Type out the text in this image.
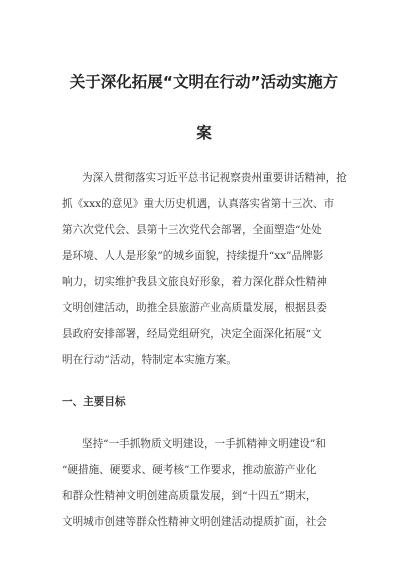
关于深化拓展“文明在行动”活动实施方
案

为深入贯彻落实习近平总书记视察贵州重要讲话精神，抢

抓《xxx的意见》重大历史机遇，认真落实省第十三次、市

第六次党代会、县第十三次党代会部署，全面塑造“处处

是环境、人人是形象”的城乡面貌，持续提升“xx”品牌影

响力，切实维护我县文旅良好形象，着力深化群众性精神

文明创建活动，助推全县旅游产业高质量发展，根据县委

县政府安排部署，经局党组研究，决定全面深化拓展“文

明在行动”活动，特制定本实施方案。

一、主要目标

坚持“一手抓物质文明建设，一手抓精神文明建设”和

“硬措施、硬要求、硬考核”工作要求，推动旅游产业化

和群众性精神文明创建高质量发展，到“十四五”期末，

文明城市创建等群众性精神文明创建活动提质扩面，社会
